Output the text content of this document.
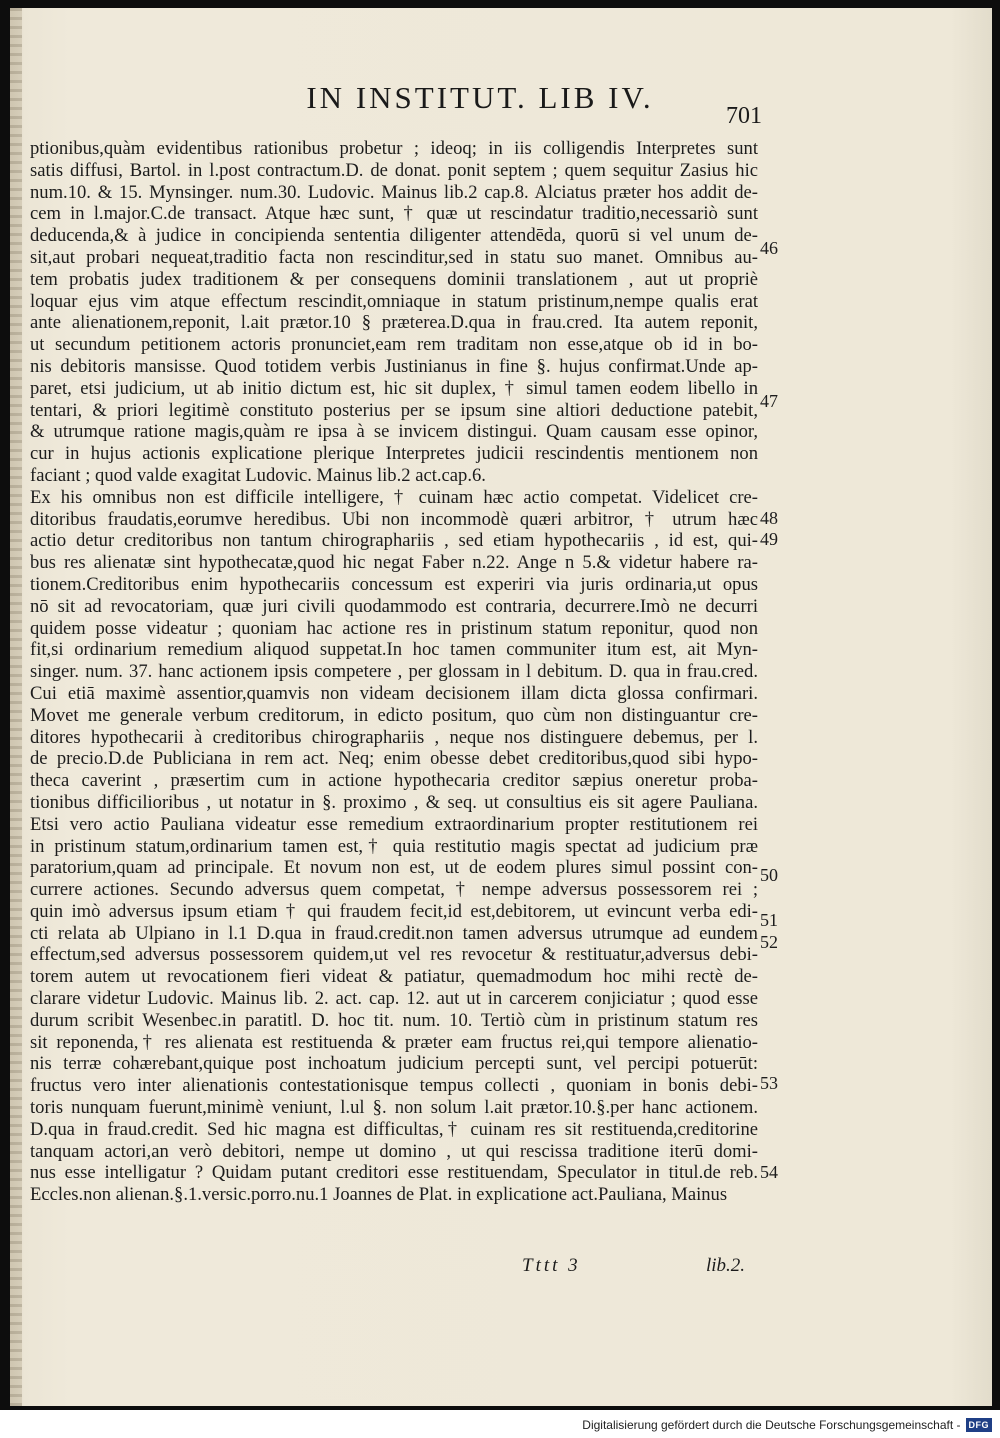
IN INSTITUT. LIB IV.
701
ptionibus,quàm evidentibus rationibus probetur ; ideoq; in iis colligendis Interpretes sunt
satis diffusi, Bartol. in l.post contractum.D. de donat. ponit septem ; quem sequitur Zasius hic
num.10. & 15. Mynsinger. num.30. Ludovic. Mainus lib.2 cap.8. Alciatus præter hos addit de-
cem in l.major.C.de transact. Atque hæc sunt, † quæ ut rescindatur traditio,necessariò sunt
deducenda,& à judice in concipienda sententia diligenter attendēda, quorū si vel unum de-
sit,aut probari nequeat,traditio facta non rescinditur,sed in statu suo manet. Omnibus au-
tem probatis judex traditionem & per consequens dominii translationem , aut ut propriè
loquar ejus vim atque effectum rescindit,omniaque in statum pristinum,nempe qualis erat
ante alienationem,reponit, l.ait prætor.10 § præterea.D.qua in frau.cred. Ita autem reponit,
ut secundum petitionem actoris pronunciet,eam rem traditam non esse,atque ob id in bo-
nis debitoris mansisse. Quod totidem verbis Justinianus in fine §. hujus confirmat.Unde ap-
paret, etsi judicium, ut ab initio dictum est, hic sit duplex, † simul tamen eodem libello in
tentari, & priori legitimè constituto posterius per se ipsum sine altiori deductione patebit,
& utrumque ratione magis,quàm re ipsa à se invicem distingui. Quam causam esse opinor,
cur in hujus actionis explicatione plerique Interpretes judicii rescindentis mentionem non
faciant ; quod valde exagitat Ludovic. Mainus lib.2 act.cap.6.
Ex his omnibus non est difficile intelligere, † cuinam hæc actio competat. Videlicet cre-
ditoribus fraudatis,eorumve heredibus. Ubi non incommodè quæri arbitror, † utrum hæc
actio detur creditoribus non tantum chirographariis , sed etiam hypothecariis , id est, qui-
bus res alienatæ sint hypothecatæ,quod hic negat Faber n.22. Ange n 5.& videtur habere ra-
tionem.Creditoribus enim hypothecariis concessum est experiri via juris ordinaria,ut opus
nō sit ad revocatoriam, quæ juri civili quodammodo est contraria, decurrere.Imò ne decurri
quidem posse videatur ; quoniam hac actione res in pristinum statum reponitur, quod non
fit,si ordinarium remedium aliquod suppetat.In hoc tamen communiter itum est, ait Myn-
singer. num. 37. hanc actionem ipsis competere , per glossam in l debitum. D. qua in frau.cred.
Cui etiā maximè assentior,quamvis non videam decisionem illam dicta glossa confirmari.
Movet me generale verbum creditorum, in edicto positum, quo cùm non distinguantur cre-
ditores hypothecarii à creditoribus chirographariis , neque nos distinguere debemus, per l.
de precio.D.de Publiciana in rem act. Neq; enim obesse debet creditoribus,quod sibi hypo-
theca caverint , præsertim cum in actione hypothecaria creditor sæpius oneretur proba-
tionibus difficilioribus , ut notatur in §. proximo , & seq. ut consultius eis sit agere Pauliana.
Etsi vero actio Pauliana videatur esse remedium extraordinarium propter restitutionem rei
in pristinum statum,ordinarium tamen est,† quia restitutio magis spectat ad judicium præ
paratorium,quam ad principale. Et novum non est, ut de eodem plures simul possint con-
currere actiones. Secundo adversus quem competat, † nempe adversus possessorem rei ;
quin imò adversus ipsum etiam † qui fraudem fecit,id est,debitorem, ut evincunt verba edi-
cti relata ab Ulpiano in l.1 D.qua in fraud.credit.non tamen adversus utrumque ad eundem
effectum,sed adversus possessorem quidem,ut vel res revocetur & restituatur,adversus debi-
torem autem ut revocationem fieri videat & patiatur, quemadmodum hoc mihi rectè de-
clarare videtur Ludovic. Mainus lib. 2. act. cap. 12. aut ut in carcerem conjiciatur ; quod esse
durum scribit Wesenbec.in paratitl. D. hoc tit. num. 10. Tertiò cùm in pristinum statum res
sit reponenda,† res alienata est restituenda & præter eam fructus rei,qui tempore alienatio-
nis terræ cohærebant,quique post inchoatum judicium percepti sunt, vel percipi potuerūt:
fructus vero inter alienationis contestationisque tempus collecti , quoniam in bonis debi-
toris nunquam fuerunt,minimè veniunt, l.ul §. non solum l.ait prætor.10.§.per hanc actionem.
D.qua in fraud.credit. Sed hic magna est difficultas,† cuinam res sit restituenda,creditorine
tanquam actori,an verò debitori, nempe ut domino , ut qui rescissa traditione iterū domi-
nus esse intelligatur ? Quidam putant creditori esse restituendam, Speculator in titul.de reb.
Eccles.non alienan.§.1.versic.porro.nu.1 Joannes de Plat. in explicatione act.Pauliana, Mainus
46
47
48
49
50
51
52
53
54
Tttt 3	lib.2.
Digitalisierung gefördert durch die Deutsche Forschungsgemeinschaft - DFG
